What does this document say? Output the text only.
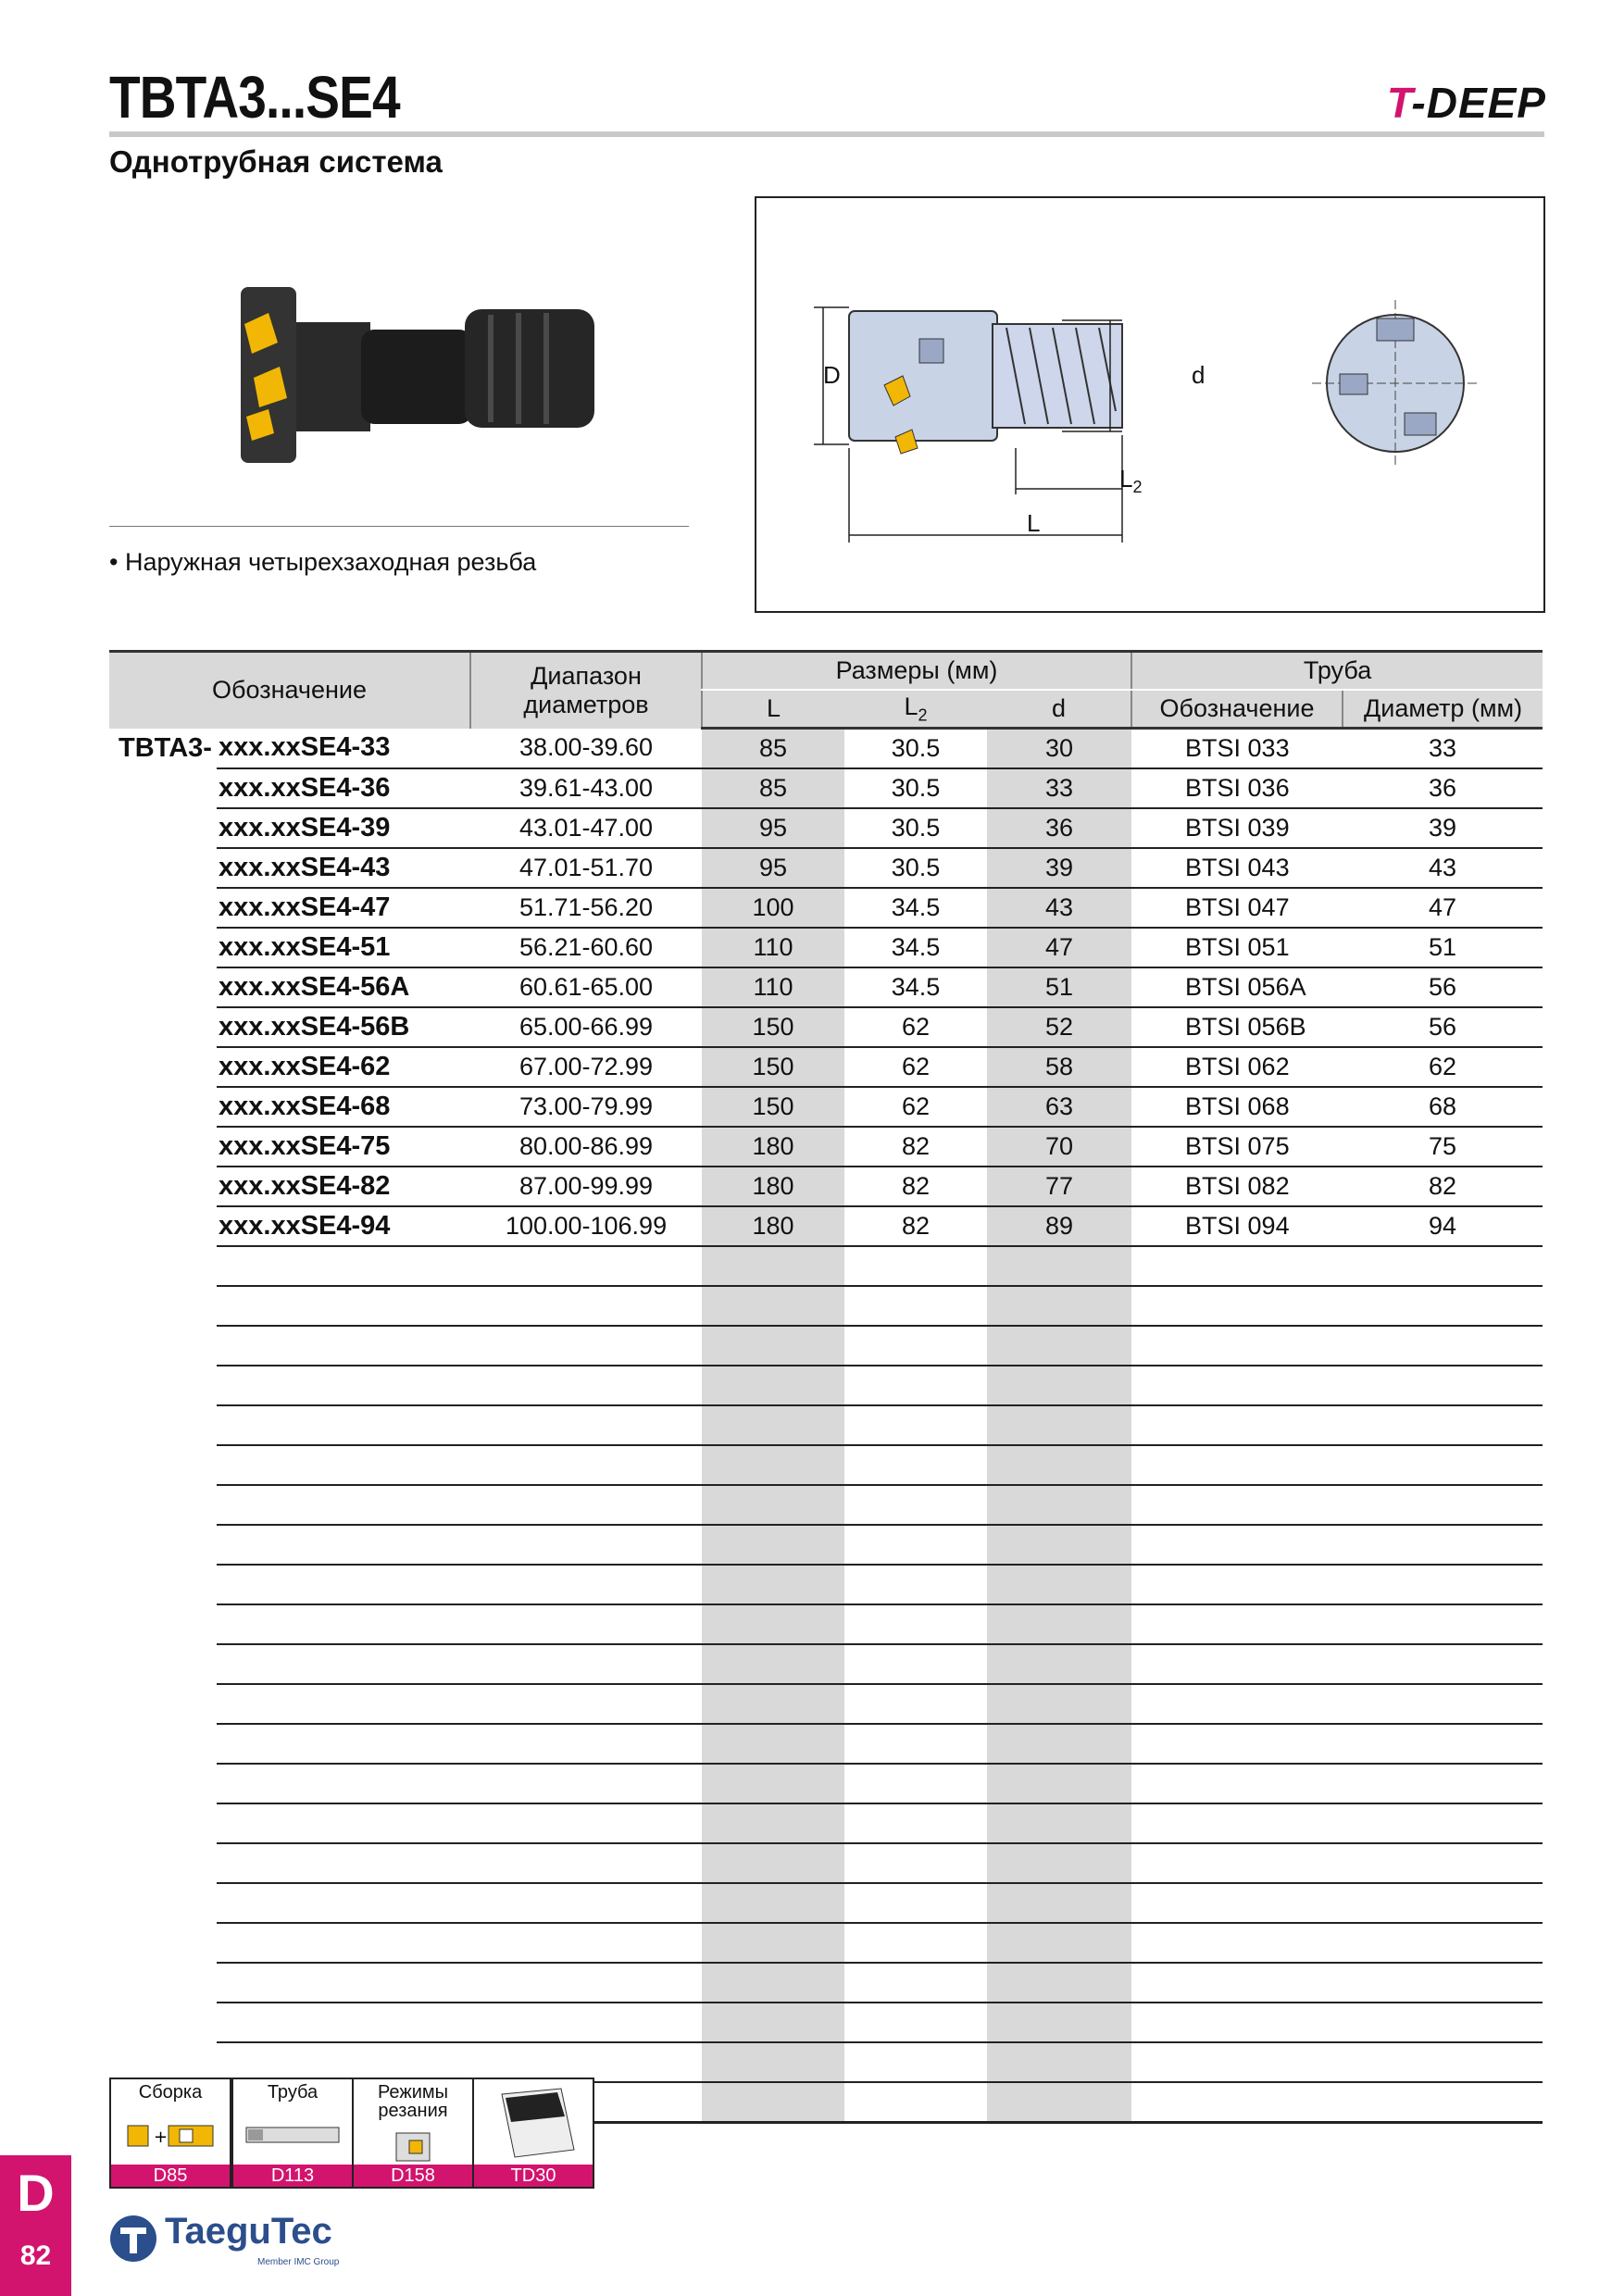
TBTA3...SE4	T-DEEP
Однотрубная система
• Наружная четырехзаходная резьба
D	d
L
$L_2$
Обозначение		Диапазон
диаметров	Размеры (мм)			Труба	
			L	$L_2$	d	Обозначение	Диаметр (мм)
TBTA3-	xxx.xxSE4-33	38.00-39.60	85	30.5	30	BTSI 033	33
	xxx.xxSE4-36	39.61-43.00	85	30.5	33	BTSI 036	36
	xxx.xxSE4-39	43.01-47.00	95	30.5	36	BTSI 039	39
	xxx.xxSE4-43	47.01-51.70	95	30.5	39	BTSI 043	43
	xxx.xxSE4-47	51.71-56.20	100	34.5	43	BTSI 047	47
	xxx.xxSE4-51	56.21-60.60	110	34.5	47	BTSI 051	51
	xxx.xxSE4-56A	60.61-65.00	110	34.5	51	BTSI 056A	56
	xxx.xxSE4-56B	65.00-66.99	150	62	52	BTSI 056B	56
	xxx.xxSE4-62	67.00-72.99	150	62	58	BTSI 062	62
	xxx.xxSE4-68	73.00-79.99	150	62	63	BTSI 068	68
	xxx.xxSE4-75	80.00-86.99	180	82	70	BTSI 075	75
	xxx.xxSE4-82	87.00-99.99	180	82	77	BTSI 082	82
	xxx.xxSE4-94	100.00-106.99	180	82	89	BTSI 094	94

Сборка
+
D85
Труба
D113
Режимы резания
D158	TD30
D
82
TaeguTec
Member IMC Group
